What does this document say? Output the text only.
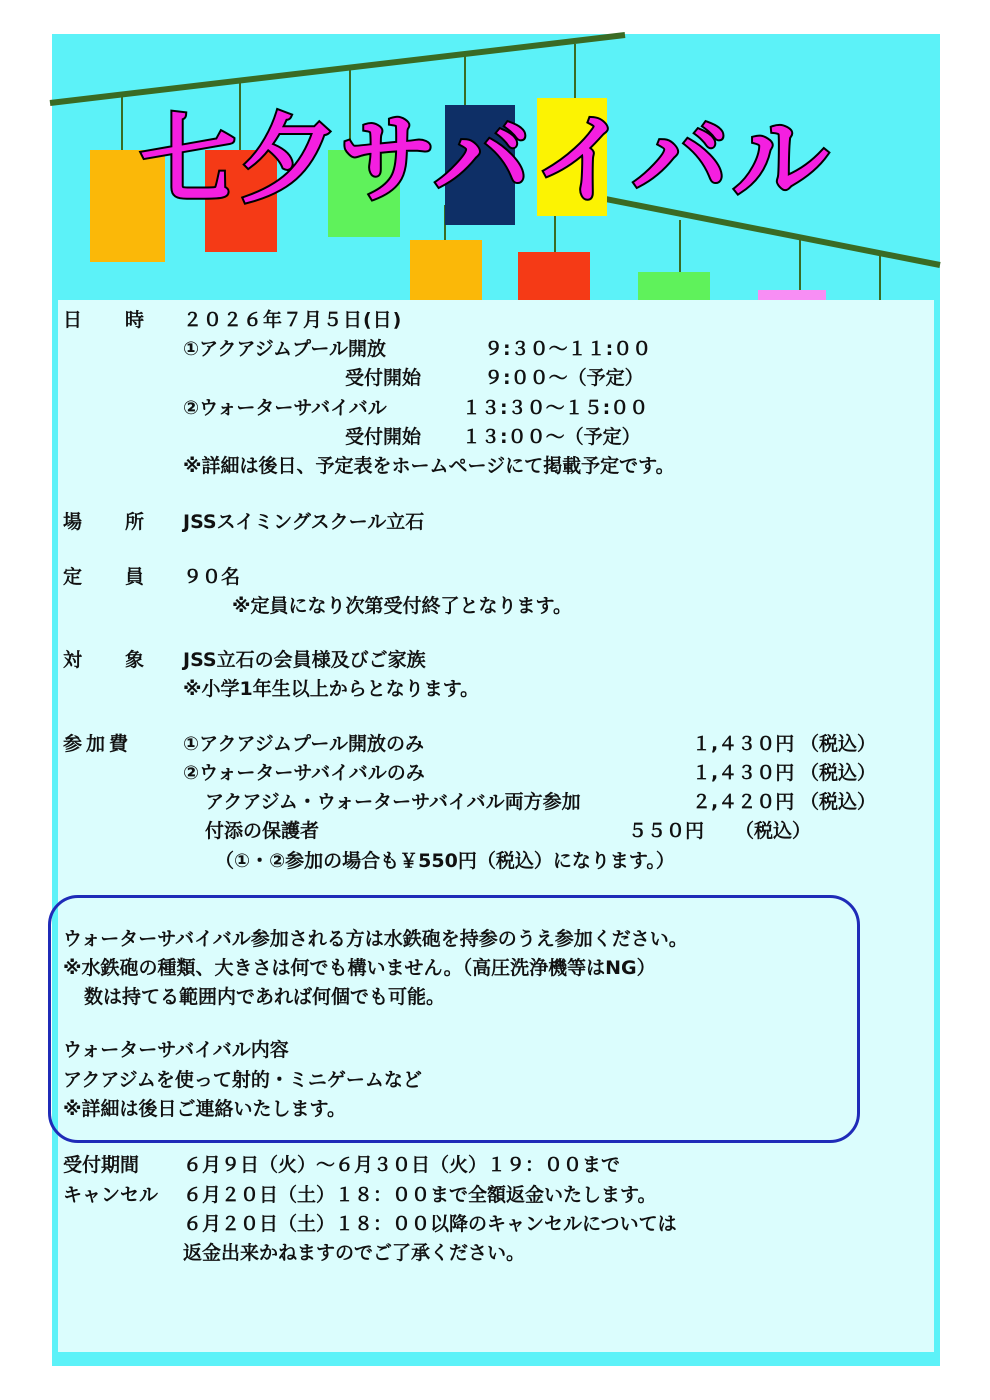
七夕サバイバル
日 時 ２０２６年７月５日(日)
①アクアジムプール開放	９:３０～１１:００
受付開始	９:００～（予定）
②ウォーターサバイバル	１３:３０～１５:００
受付開始 １３:００～（予定）
※詳細は後日、予定表をホームページにて掲載予定です。
場 所 JSSスイミングスクール立石
定 員 ９０名
※定員になり次第受付終了となります。
対 象 JSS立石の会員様及びご家族
※小学1年生以上からとなります。
参加費	①アクアジムプール開放のみ	１,４３０円 （税込）
②ウォーターサバイバルのみ	１,４３０円 （税込）
アクアジム・ウォーターサバイバル両方参加	２,４２０円 （税込）
付添の保護者	５５０円 （税込）
（①・②参加の場合も￥550円（税込）になります。）
ウォーターサバイバル参加される方は水鉄砲を持参のうえ参加ください。
※水鉄砲の種類、大きさは何でも構いません。（高圧洗浄機等はNG）
数は持てる範囲内であれば何個でも可能。
ウォーターサバイバル内容
アクアジムを使って射的・ミニゲームなど
※詳細は後日ご連絡いたします。
受付期間 ６月９日（火）～６月３０日（火）１９：００まで
キャンセル ６月２０日（土）１８：００まで全額返金いたします。
６月２０日（土）１８：００以降のキャンセルについては
返金出来かねますのでご了承ください。
